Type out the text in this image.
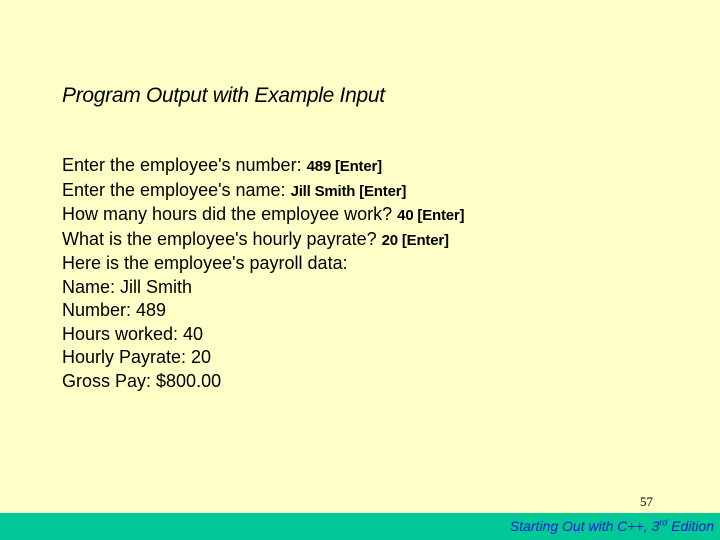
Program Output with Example Input
Enter the employee's number: 489 [Enter]
Enter the employee's name: Jill Smith [Enter]
How many hours did the employee work? 40 [Enter]
What is the employee's hourly payrate? 20 [Enter]
Here is the employee's payroll data:
Name: Jill Smith
Number: 489
Hours worked: 40
Hourly Payrate: 20
Gross Pay: $800.00
57
Starting Out with C++, 3rd Edition
